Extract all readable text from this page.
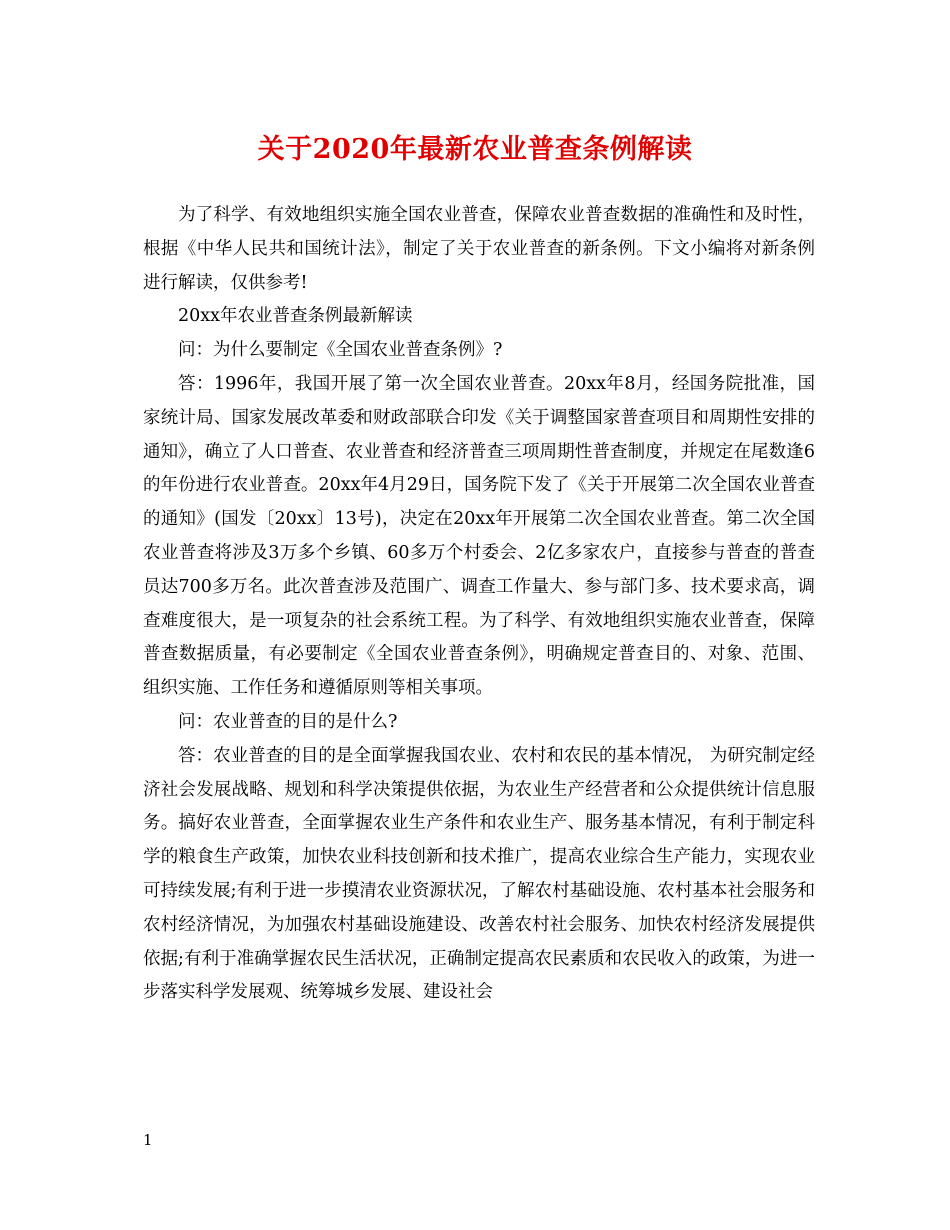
关于2020年最新农业普查条例解读

为了科学、有效地组织实施全国农业普查，保障农业普查数据的准确性和及时性，根据《中华人民共和国统计法》，制定了关于农业普查的新条例。下文小编将对新条例进行解读，仅供参考!

20xx年农业普查条例最新解读

问：为什么要制定《全国农业普查条例》?

答：1996年，我国开展了第一次全国农业普查。20xx年8月，经国务院批准，国家统计局、国家发展改革委和财政部联合印发《关于调整国家普查项目和周期性安排的通知》，确立了人口普查、农业普查和经济普查三项周期性普查制度，并规定在尾数逢6的年份进行农业普查。20xx年4月29日，国务院下发了《关于开展第二次全国农业普查的通知》(国发〔20xx〕13号)，决定在20xx年开展第二次全国农业普查。第二次全国农业普查将涉及3万多个乡镇、60多万个村委会、2亿多家农户，直接参与普查的普查员达700多万名。此次普查涉及范围广、调查工作量大、参与部门多、技术要求高，调查难度很大，是一项复杂的社会系统工程。为了科学、有效地组织实施农业普查，保障普查数据质量，有必要制定《全国农业普查条例》，明确规定普查目的、对象、范围、组织实施、工作任务和遵循原则等相关事项。

问：农业普查的目的是什么?

答：农业普查的目的是全面掌握我国农业、农村和农民的基本情况， 为研究制定经济社会发展战略、规划和科学决策提供依据，为农业生产经营者和公众提供统计信息服务。搞好农业普查，全面掌握农业生产条件和农业生产、服务基本情况，有利于制定科学的粮食生产政策，加快农业科技创新和技术推广，提高农业综合生产能力，实现农业可持续发展;有利于进一步摸清农业资源状况，了解农村基础设施、农村基本社会服务和农村经济情况，为加强农村基础设施建设、改善农村社会服务、加快农村经济发展提供依据;有利于准确掌握农民生活状况，正确制定提高农民素质和农民收入的政策，为进一步落实科学发展观、统筹城乡发展、建设社会

1
